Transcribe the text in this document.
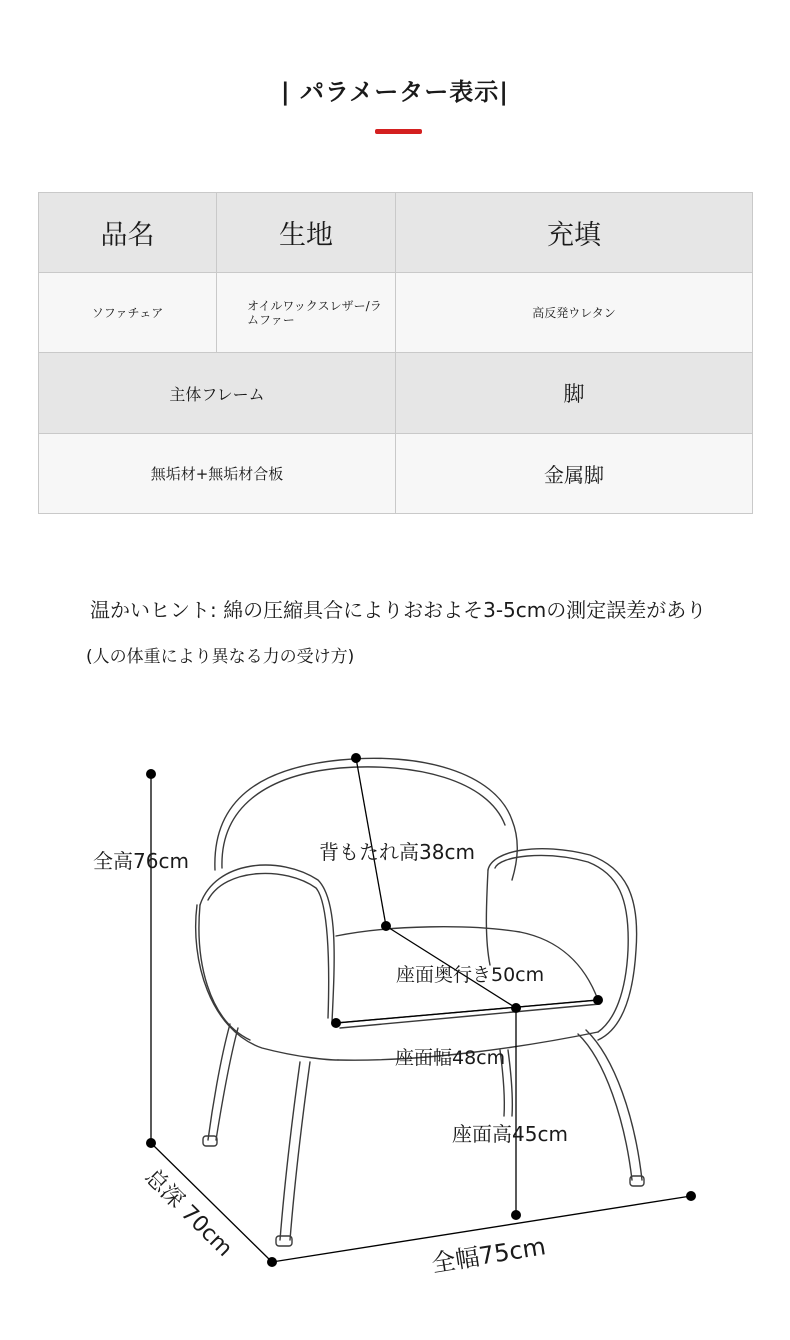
| パラメーター表示|
品名	生地	充填
ソファチェア	オイルワックスレザー/ラムファー	高反発ウレタン
主体フレーム		脚
無垢材+無垢材合板		金属脚
温かいヒント: 綿の圧縮具合によりおおよそ3-5cmの測定誤差があり
(人の体重により異なる力の受け方)
全高76cm	背もたれ高38cm
座面奥行き50cm
座面幅48cm
座面高45cm
总深 70cm	全幅75cm
